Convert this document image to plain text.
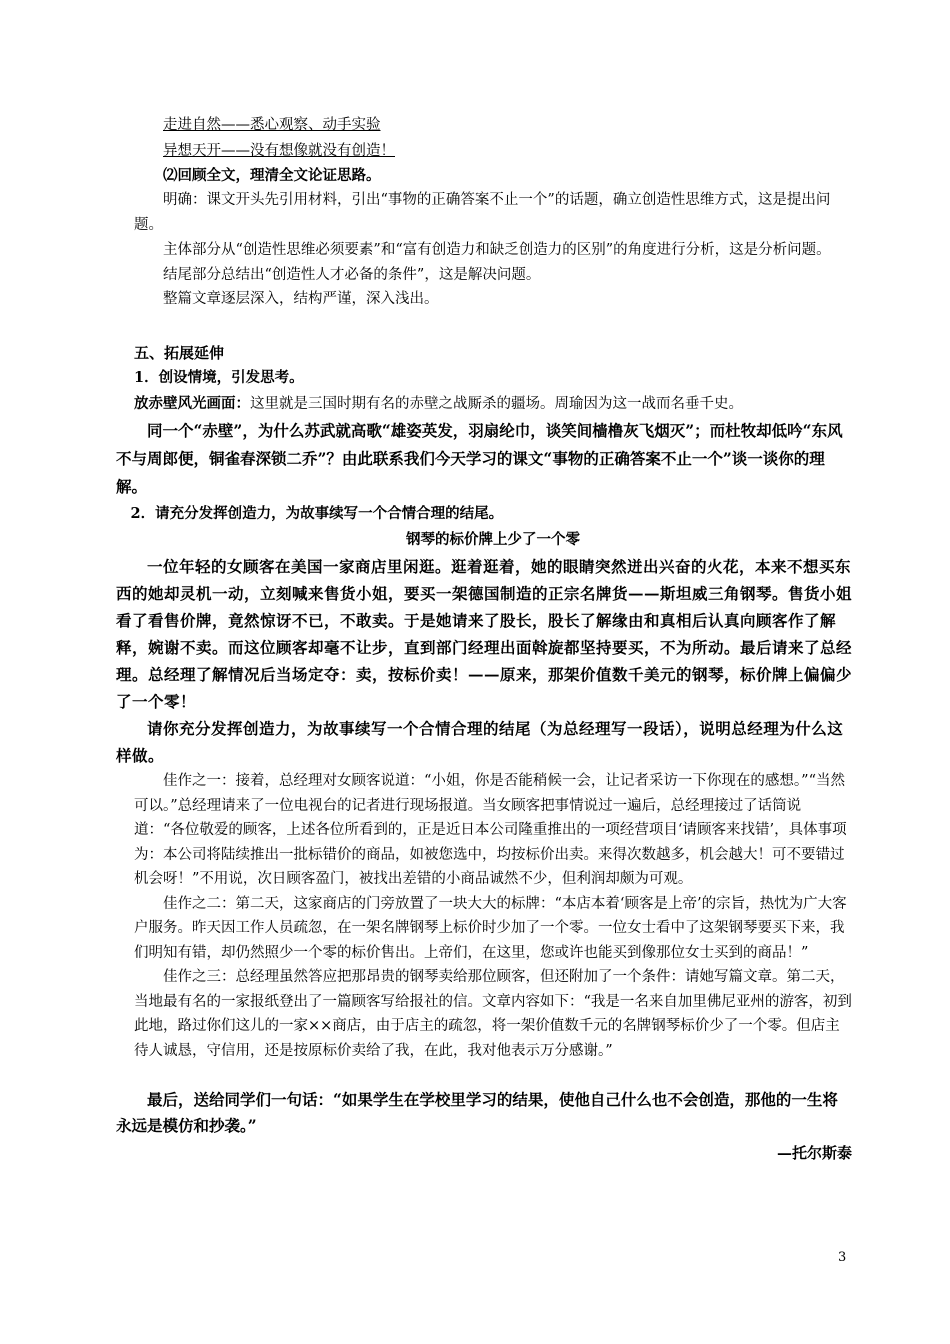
走进自然——悉心观察、动手实验
异想天开——没有想像就没有创造！
⑵回顾全文，理清全文论证思路。
明确：课文开头先引用材料，引出“事物的正确答案不止一个”的话题，确立创造性思维方式，这是提出问题。
主体部分从“创造性思维必须要素”和“富有创造力和缺乏创造力的区别”的角度进行分析，这是分析问题。
结尾部分总结出“创造性人才必备的条件”，这是解决问题。
整篇文章逐层深入，结构严谨，深入浅出。
五、拓展延伸
1．创设情境，引发思考。
放赤壁风光画面：这里就是三国时期有名的赤壁之战厮杀的疆场。周瑜因为这一战而名垂千史。
同一个“赤壁”，为什么苏武就高歌“雄姿英发，羽扇纶巾，谈笑间樯橹灰飞烟灭”；而杜牧却低吟“东风不与周郎便，铜雀春深锁二乔”？由此联系我们今天学习的课文“事物的正确答案不止一个”谈一谈你的理解。
2．请充分发挥创造力，为故事续写一个合情合理的结尾。
钢琴的标价牌上少了一个零
一位年轻的女顾客在美国一家商店里闲逛。逛着逛着，她的眼睛突然迸出兴奋的火花，本来不想买东西的她却灵机一动，立刻喊来售货小姐，要买一架德国制造的正宗名牌货——斯坦威三角钢琴。售货小姐看了看售价牌，竟然惊讶不已，不敢卖。于是她请来了股长，股长了解缘由和真相后认真向顾客作了解释，婉谢不卖。而这位顾客却毫不让步，直到部门经理出面斡旋都坚持要买，不为所动。最后请来了总经理。总经理了解情况后当场定夺：卖，按标价卖！——原来，那架价值数千美元的钢琴，标价牌上偏偏少了一个零！
请你充分发挥创造力，为故事续写一个合情合理的结尾（为总经理写一段话），说明总经理为什么这样做。
佳作之一：接着，总经理对女顾客说道：“小姐，你是否能稍候一会，让记者采访一下你现在的感想。”“当然可以。”总经理请来了一位电视台的记者进行现场报道。当女顾客把事情说过一遍后，总经理接过了话筒说道：“各位敬爱的顾客，上述各位所看到的，正是近日本公司隆重推出的一项经营项目‘请顾客来找错’，具体事项为：本公司将陆续推出一批标错价的商品，如被您选中，均按标价出卖。来得次数越多，机会越大！可不要错过机会呀！”不用说，次日顾客盈门，被找出差错的小商品诚然不少，但利润却颇为可观。
佳作之二：第二天，这家商店的门旁放置了一块大大的标牌：“本店本着‘顾客是上帝’的宗旨，热忱为广大客户服务。昨天因工作人员疏忽，在一架名牌钢琴上标价时少加了一个零。一位女士看中了这架钢琴要买下来，我们明知有错，却仍然照少一个零的标价售出。上帝们，在这里，您或许也能买到像那位女士买到的商品！”
佳作之三：总经理虽然答应把那昂贵的钢琴卖给那位顾客，但还附加了一个条件：请她写篇文章。第二天，当地最有名的一家报纸登出了一篇顾客写给报社的信。文章内容如下：“我是一名来自加里佛尼亚州的游客，初到此地，路过你们这儿的一家××商店，由于店主的疏忽，将一架价值数千元的名牌钢琴标价少了一个零。但店主待人诚恳，守信用，还是按原标价卖给了我，在此，我对他表示万分感谢。”
最后，送给同学们一句话：“如果学生在学校里学习的结果，使他自己什么也不会创造，那他的一生将永远是模仿和抄袭。”
—托尔斯泰
3
